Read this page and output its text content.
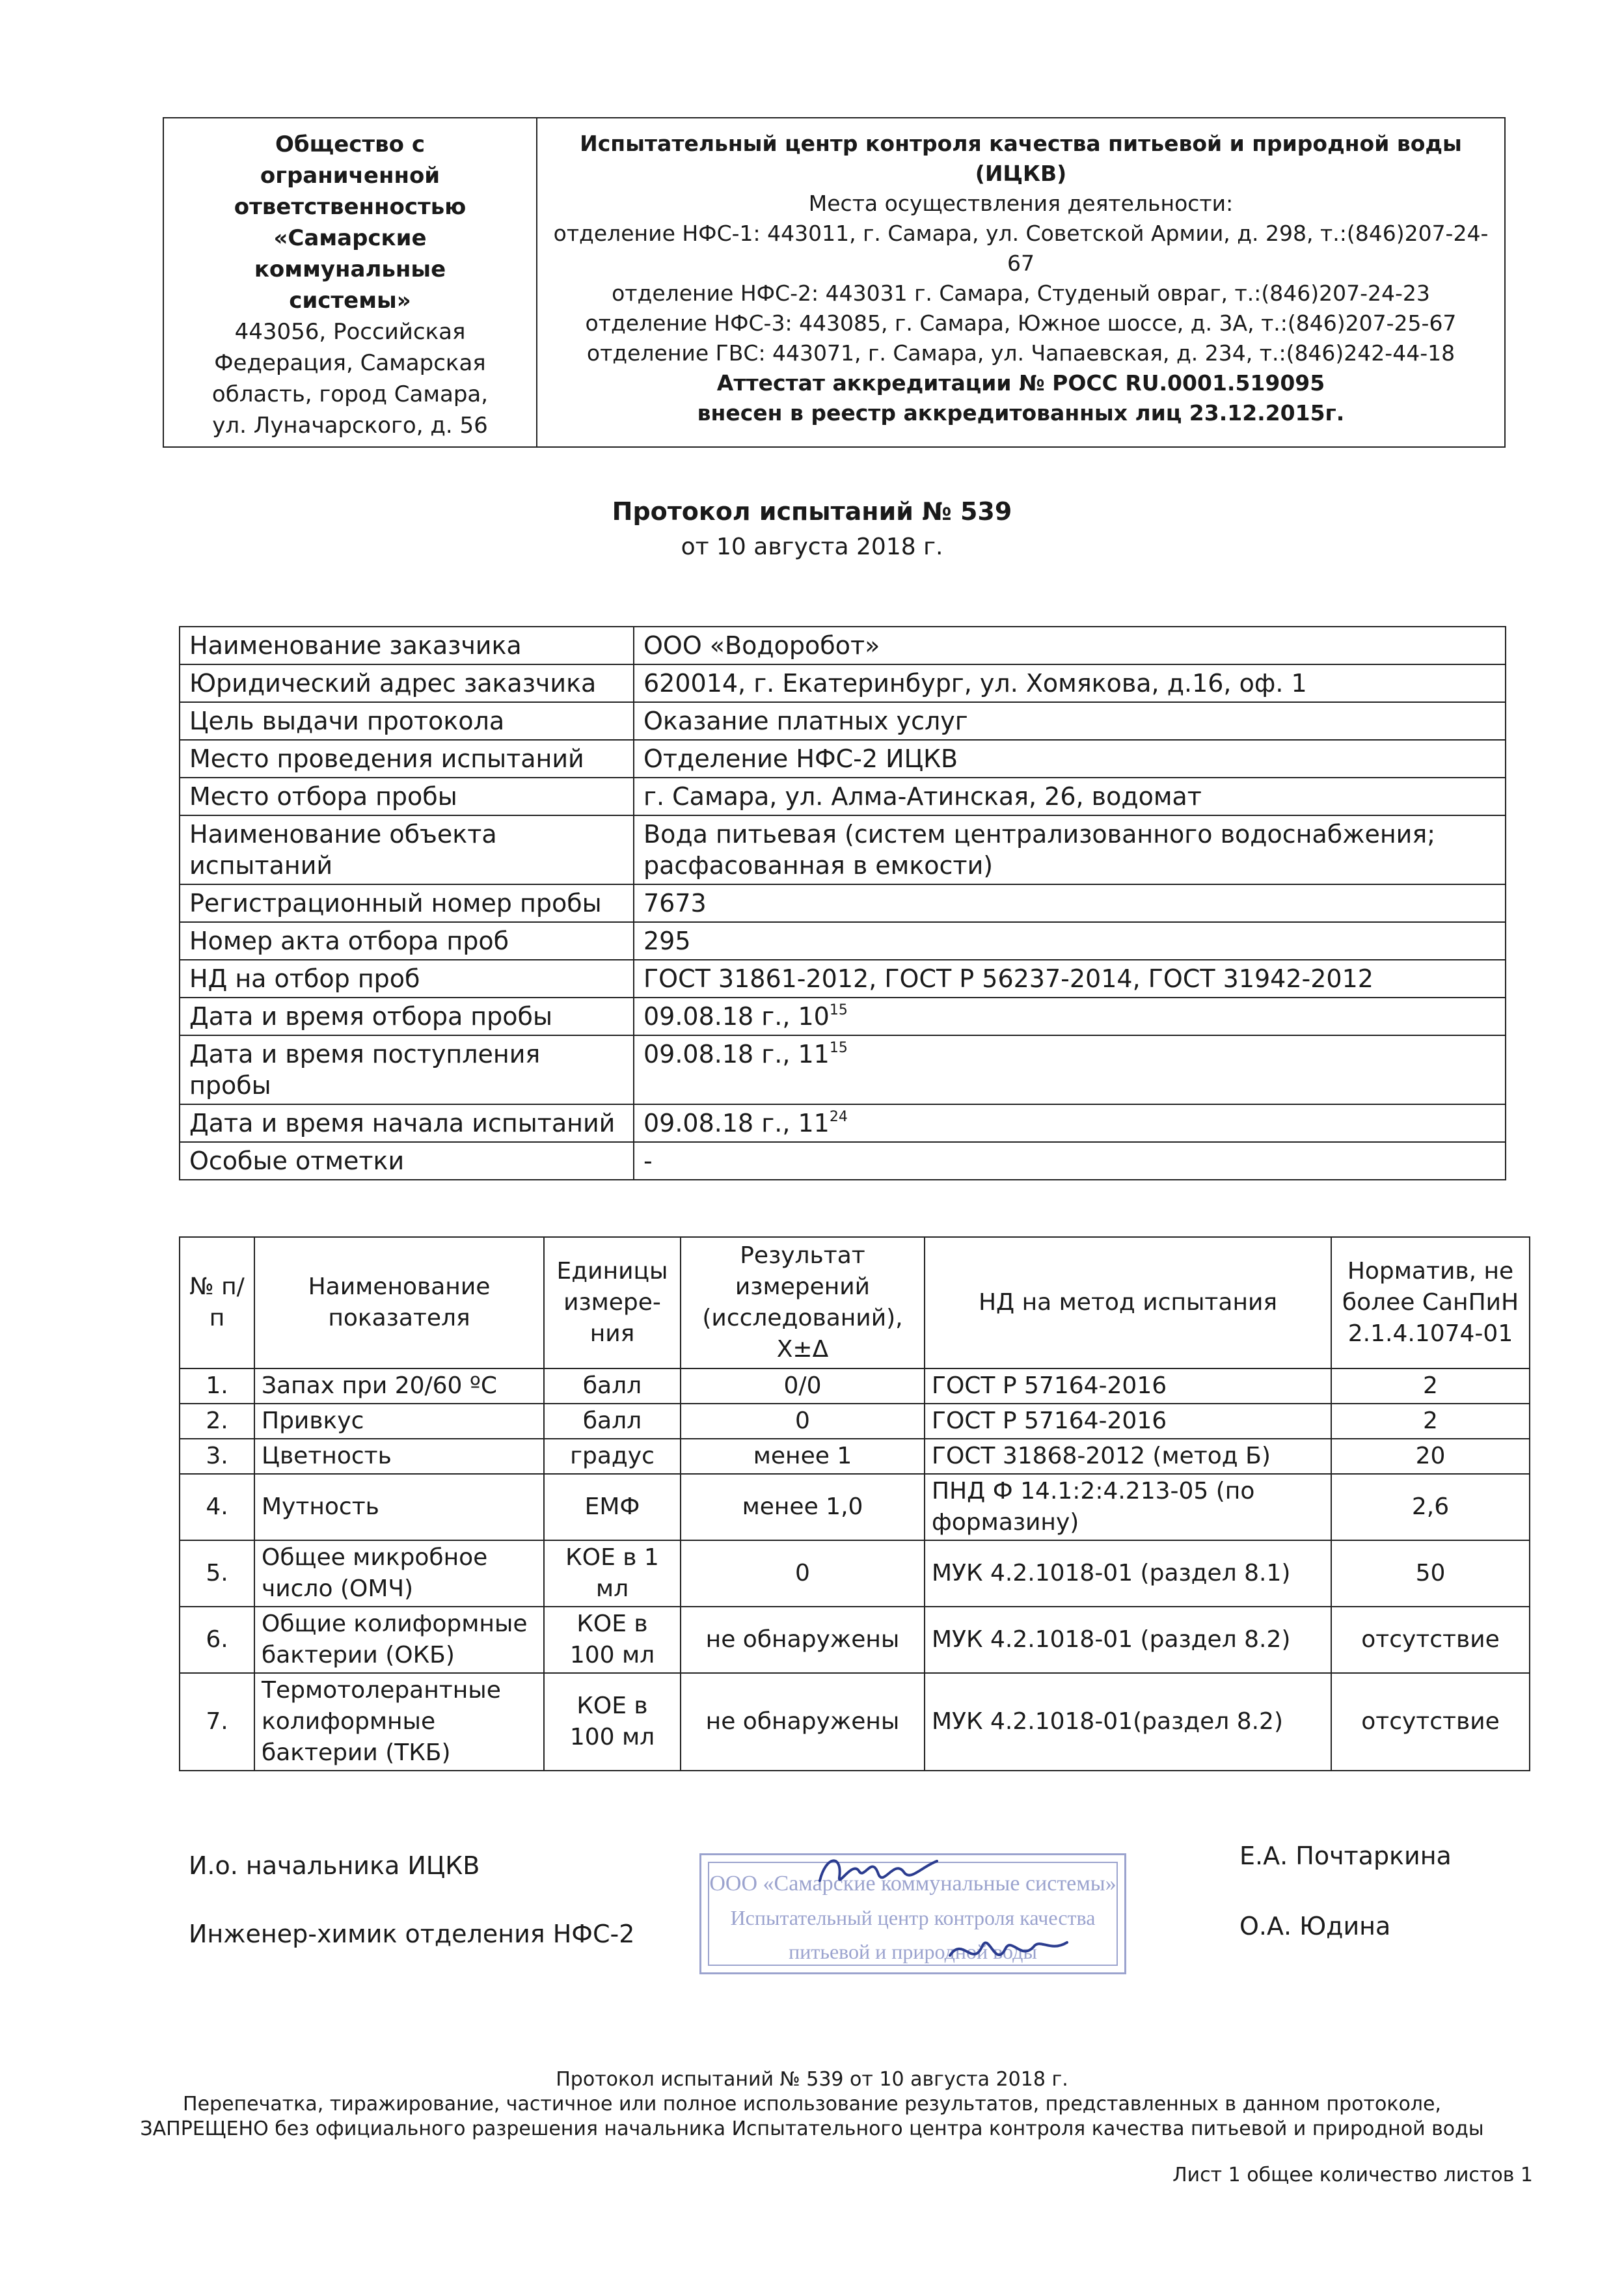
Общество с
ограниченной
ответственностью
«Самарские
коммунальные
системы»
443056, Российская
Федерация, Самарская
область, город Самара,
ул. Луначарского, д. 56

Испытательный центр контроля качества питьевой и природной воды
(ИЦКВ)
Места осуществления деятельности:
отделение НФС-1: 443011, г. Самара, ул. Советской Армии, д. 298, т.:(846)207-24-67
отделение НФС-2: 443031 г. Самара, Студеный овраг, т.:(846)207-24-23
отделение НФС-3: 443085, г. Самара, Южное шоссе, д. 3А, т.:(846)207-25-67
отделение ГВС: 443071, г. Самара, ул. Чапаевская, д. 234, т.:(846)242-44-18
Аттестат аккредитации № РОСС RU.0001.519095
внесен в реестр аккредитованных лиц 23.12.2015г.
Протокол испытаний № 539
от 10 августа 2018 г.
Наименование заказчика	ООО «Водоробот»
Юридический адрес заказчика	620014, г. Екатеринбург, ул. Хомякова, д.16, оф. 1
Цель выдачи протокола	Оказание платных услуг
Место проведения испытаний	Отделение НФС-2 ИЦКВ
Место отбора пробы	г. Самара, ул. Алма-Атинская, 26, водомат
Наименование объекта испытаний	Вода питьевая (систем централизованного водоснабжения; расфасованная в емкости)
Регистрационный номер пробы	7673
Номер акта отбора проб	295
НД на отбор проб	ГОСТ 31861-2012, ГОСТ Р 56237-2014, ГОСТ 31942-2012
Дата и время отбора пробы	09.08.18 г., $10^{15}$
Дата и время поступления пробы	09.08.18 г., $11^{15}$
Дата и время начала испытаний	09.08.18 г., $11^{24}$
Особые отметки	-
№ п/п	Наименование показателя	Единицы измере-ния	Результат измерений (исследований), Х±Δ	НД на метод испытания	Норматив, не более СанПиН 2.1.4.1074-01
1.	Запах при 20/60 ºС	балл	0/0	ГОСТ Р 57164-2016	2
2.	Привкус	балл	0	ГОСТ Р 57164-2016	2
3.	Цветность	градус	менее 1	ГОСТ 31868-2012 (метод Б)	20
4.	Мутность	ЕМФ	менее 1,0	ПНД Ф 14.1:2:4.213-05 (по формазину)	2,6
5.	Общее микробное число (ОМЧ)	КОЕ в 1 мл	0	МУК 4.2.1018-01 (раздел 8.1)	50
6.	Общие колиформные бактерии (ОКБ)	КОЕ в 100 мл	не обнаружены	МУК 4.2.1018-01 (раздел 8.2)	отсутствие
7.	Термотолерантные колиформные бактерии (ТКБ)	КОЕ в 100 мл	не обнаружены	МУК 4.2.1018-01(раздел 8.2)	отсутствие
И.о. начальника ИЦКВ	Е.А. Почтаркина
Инженер-химик отделения НФС-2	О.А. Юдина
ООО «Самарские коммунальные системы»
Испытательный центр контроля качества
питьевой и природной воды
Протокол испытаний № 539 от 10 августа 2018 г.
Перепечатка, тиражирование, частичное или полное использование результатов, представленных в данном протоколе,
ЗАПРЕЩЕНО без официального разрешения начальника Испытательного центра контроля качества питьевой и природной воды
Лист 1 общее количество листов 1
